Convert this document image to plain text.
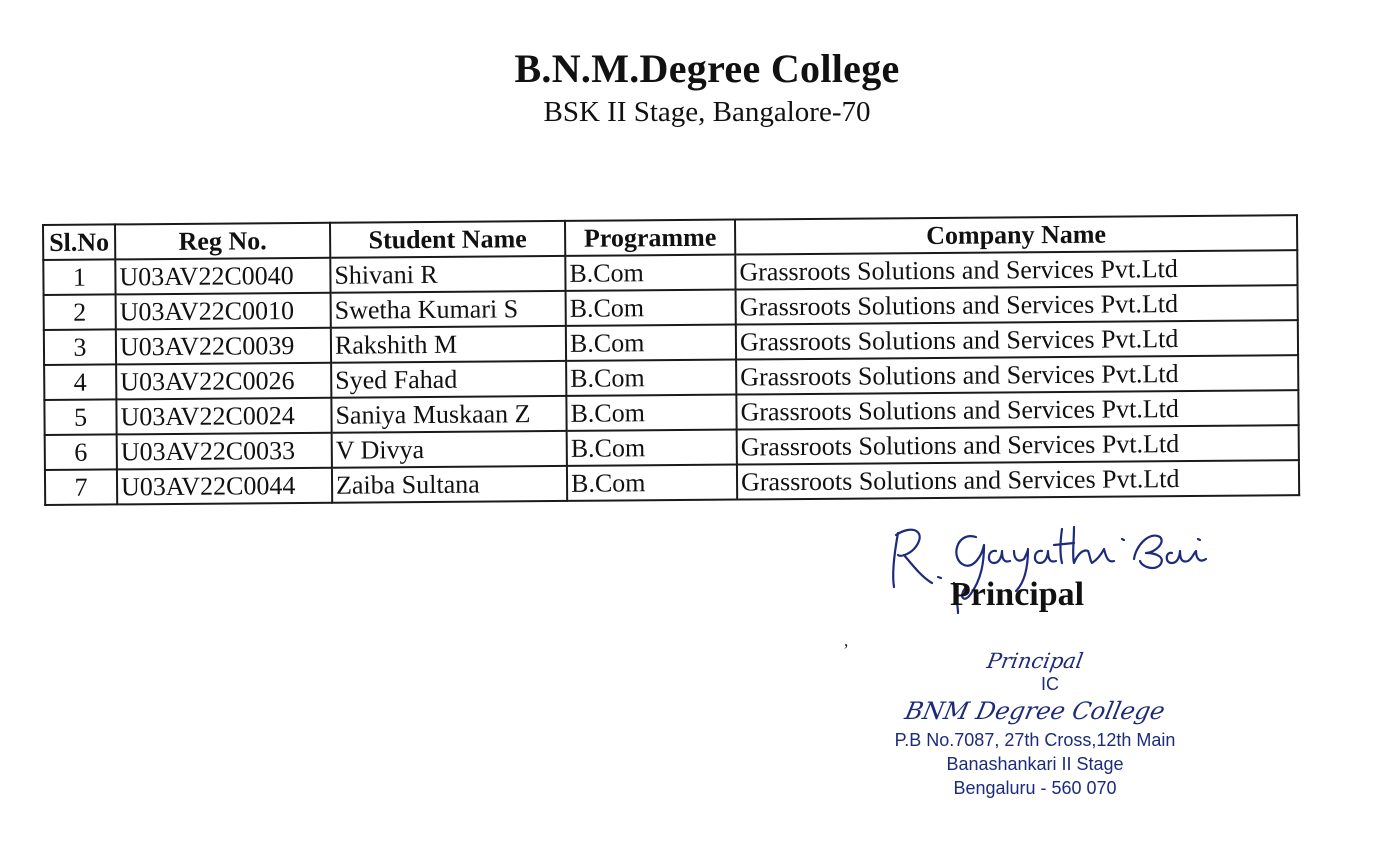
B.N.M.Degree College
BSK II Stage, Bangalore-70
Sl.No	Reg No.	Student Name	Programme	Company Name
1	U03AV22C0040	Shivani R	B.Com	Grassroots Solutions and Services Pvt.Ltd
2	U03AV22C0010	Swetha Kumari S	B.Com	Grassroots Solutions and Services Pvt.Ltd
3	U03AV22C0039	Rakshith M	B.Com	Grassroots Solutions and Services Pvt.Ltd
4	U03AV22C0026	Syed Fahad	B.Com	Grassroots Solutions and Services Pvt.Ltd
5	U03AV22C0024	Saniya Muskaan Z	B.Com	Grassroots Solutions and Services Pvt.Ltd
6	U03AV22C0033	V Divya	B.Com	Grassroots Solutions and Services Pvt.Ltd
7	U03AV22C0044	Zaiba Sultana	B.Com	Grassroots Solutions and Services Pvt.Ltd
Principal
ʼ	Principal
IC
BNM Degree College
P.B No.7087, 27th Cross,12th Main
Banashankari II Stage
Bengaluru - 560 070
